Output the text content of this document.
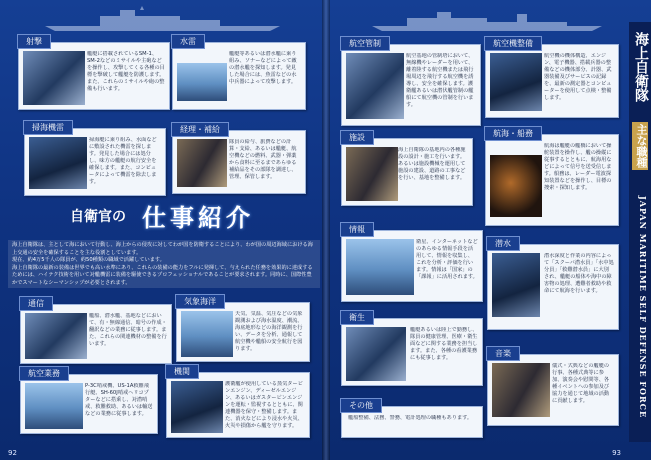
射撃
艦艇に搭載されているSM-1、SM-2などのミサイルや主砲などを操作し、攻撃してくる各種の目標を撃破して艦艇を防護します。また、これらのミサイルや砲の整備も行います。
水雷
艦艇等あるいは潜水艦に乗り組み、ソナーなどによって敵の潜水艦を探知します。発見した場合には、魚雷などの水中兵器によって攻撃します。
掃海機雷
掃海艇に乗り組み、水面などに敷設された機雷を探します。発見した場合には処分し、味方の艦艇の航行安全を確保します。また、コンピュータによって機雷を除去します。
経理・補給
隊員の給与、旅費などの計算・支給、あるいは艦艇、航空機などの燃料、武器・弾薬から食料に至るまであらゆる補給品をその部隊を調達し、管理、保管します。
自衛官の 仕事紹介

海上自衛隊は、主として海において行動し、海上からの侵攻に対してわが国を防衛することにより、わが国の周辺海域における海上交通の安全を確保することを主な役割としています。

現在、約4万5千人の隊員が、約50種類の職域で活躍しています。

海上自衛隊の最新の装備は世界でも高い水準にあり、これらの装備の能力をフルに発揮して、与えられた任務を効果的に達成するためには、ハイテク技術を用いて対艦機雷に装備を駆使できるプロフェッショナルであることが要求されます。同時に、国際性豊かでスマートなシーマンシップが必要とされます。

通信
艦船、潜水艦、基地などにおいて、有・無線通信、暗号の作成・翻訳などの業務に従事します。また、これらの関連機材の整備を行います。
気象海洋
天気、気温、気圧などの気象観測および海水温度、潮流、海底地形などの海洋観測を行い、データを分析、通報して航空機や艦船の安全航行を図ります。
航空業務
P-3C哨戒機、US-1A救難飛行艇、SH-60J哨戒ヘリコプターなどに搭乗し、対潜哨戒、救難救助、あるいは輸送などの業務に従事します。
機関
護衛艦が使用している蒸気タービンエンジン、ディーゼルエンジン、あるいはガスタービンエンジンを運転・監視するとともに、関連機器を保守・整備します。また、消火などにより浸水や火災、火災や損傷から艦を守ります。
92
航空管制
航空基地の管制塔において、無線機やレーダーを用いて、離着陸する航空機または飛行場周辺を飛行する航空機を誘導し、安全を確保します。護衛艦あるいは潜伏艦管制の艦船にて航空機の管制を行います。
航空機整備
航空機の機体構造、エンジン、電子機器、搭載兵器の整備などの機体部分、計器、武器装備及びサービスの記録を、最新の測定器とコンピューターを使用して点検・整備します。
施設
海上自衛隊の基地内の各種施設の設計・施工を行います。あるいは施設機械を運用して施設の建設、道路の工事などを行い、基地を整備します。
航海・船務
航海は艦艇の艦橋において操舵装置を操作し、艦の操縦に従事するとともに、航海用などによって信号を送受信します。船務は、レーダー電波探知装置などを操作し、目標の捜索・探知します。
情報
衛星、インターネットなどのあらゆる情報手段を活用して、情報を収集し、これを分析・評価を行います。情報は「国家」の「課報」に活用されます。
潜水
潜水深度と作業の内容によって「スクーバ潜水員」「水中処分員」「救難潜水員」に大別され、艦艇の船体や海中の障害物の処理、遭難者救助や救命にて航海を行います。
衛生
艦艇あるいは陸上で勤務し、隊員の健康管理、医療・衛生面などに関する業務を担当します。また、各種の看護業務にも従事します。	音楽
儀式・式典などの艦艇の行事、各種式典等に参加、演奏会や慰問等、各種イベントへの参加及び協力を通じて地域の活動に貢献します。
その他
艦船整備、法務、警務、電計処理の職種もあります。
海上自衛隊
主な職種
JAPAN MARITIME SELF DEFENSE FORCE
93
